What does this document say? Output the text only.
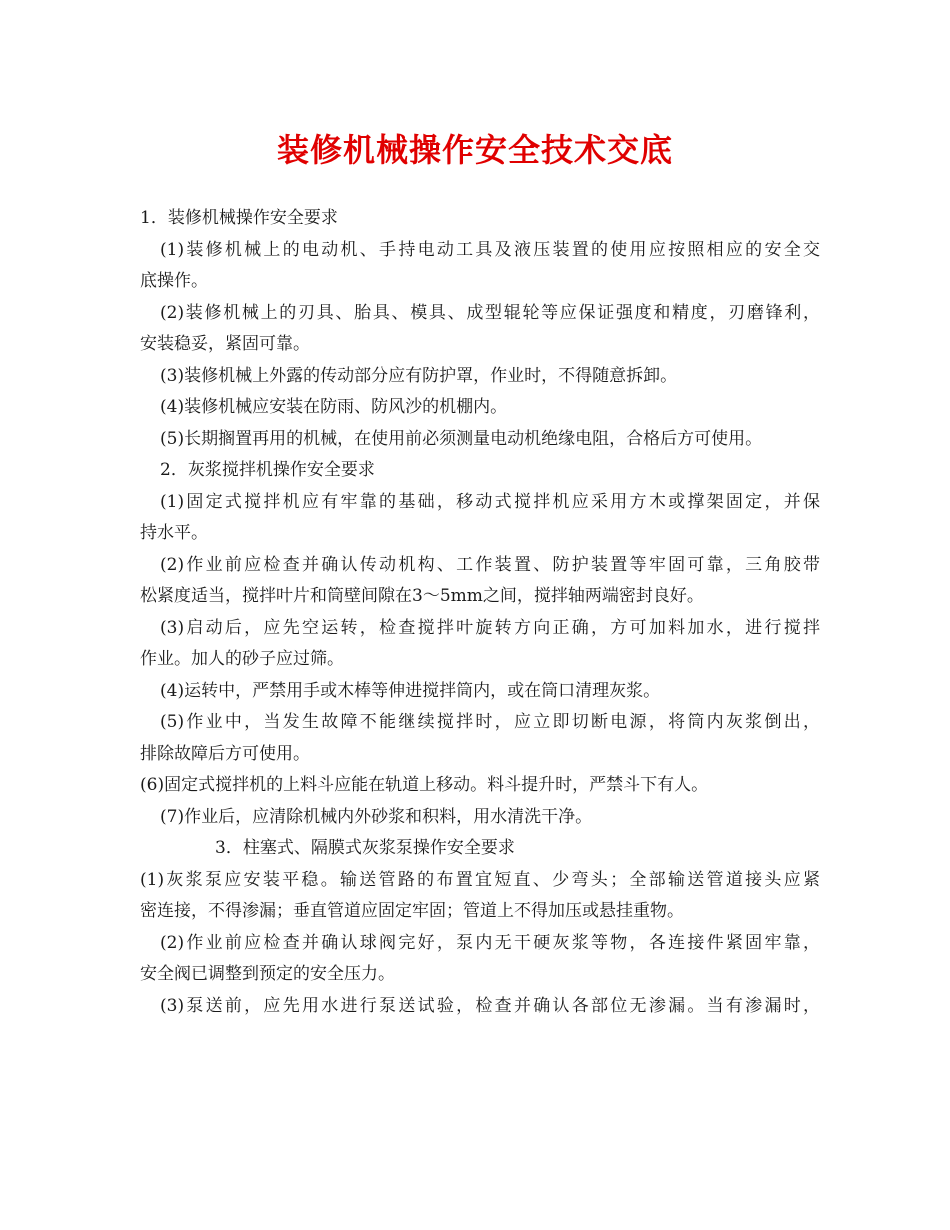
装修机械操作安全技术交底
1．装修机械操作安全要求
(1)装修机械上的电动机、手持电动工具及液压装置的使用应按照相应的安全交
底操作。
(2)装修机械上的刃具、胎具、模具、成型辊轮等应保证强度和精度，刃磨锋利，
安装稳妥，紧固可靠。
(3)装修机械上外露的传动部分应有防护罩，作业时，不得随意拆卸。
(4)装修机械应安装在防雨、防风沙的机棚内。
(5)长期搁置再用的机械，在使用前必须测量电动机绝缘电阻，合格后方可使用。
2．灰浆搅拌机操作安全要求
(1)固定式搅拌机应有牢靠的基础，移动式搅拌机应采用方木或撑架固定，并保
持水平。
(2)作业前应检查并确认传动机构、工作装置、防护装置等牢固可靠，三角胶带
松紧度适当，搅拌叶片和筒壁间隙在3～5mm之间，搅拌轴两端密封良好。
(3)启动后，应先空运转，检查搅拌叶旋转方向正确，方可加料加水，进行搅拌
作业。加人的砂子应过筛。
(4)运转中，严禁用手或木棒等伸进搅拌筒内，或在筒口清理灰浆。
(5)作业中，当发生故障不能继续搅拌时，应立即切断电源，将筒内灰浆倒出，
排除故障后方可使用。
(6)固定式搅拌机的上料斗应能在轨道上移动。料斗提升时，严禁斗下有人。
(7)作业后，应清除机械内外砂浆和积料，用水清洗干净。
3．柱塞式、隔膜式灰浆泵操作安全要求
(1)灰浆泵应安装平稳。输送管路的布置宜短直、少弯头；全部输送管道接头应紧
密连接，不得渗漏；垂直管道应固定牢固；管道上不得加压或悬挂重物。
(2)作业前应检查并确认球阀完好，泵内无干硬灰浆等物，各连接件紧固牢靠，
安全阀已调整到预定的安全压力。
(3)泵送前，应先用水进行泵送试验，检查并确认各部位无渗漏。当有渗漏时，
